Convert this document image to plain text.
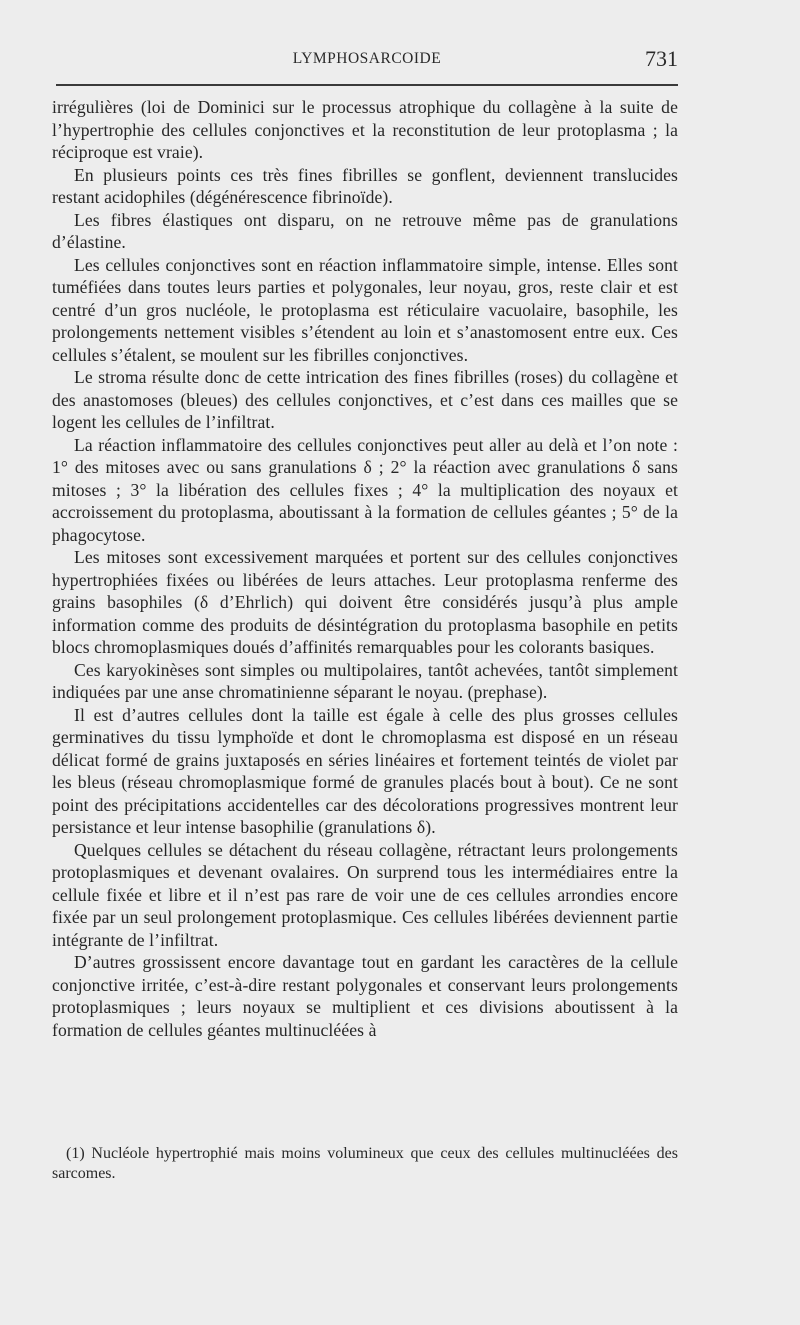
LYMPHOSARCOIDE	731

irrégulières (loi de Dominici sur le processus atrophique du collagène à la suite de l’hypertrophie des cellules conjonctives et la reconstitution de leur protoplasma ; la réciproque est vraie).

En plusieurs points ces très fines fibrilles se gonflent, deviennent translucides restant acidophiles (dégénérescence fibrinoïde).

Les fibres élastiques ont disparu, on ne retrouve même pas de granulations d’élastine.

Les cellules conjonctives sont en réaction inflammatoire simple, intense. Elles sont tuméfiées dans toutes leurs parties et polygonales, leur noyau, gros, reste clair et est centré d’un gros nucléole, le protoplasma est réticulaire vacuolaire, basophile, les prolongements nettement visibles s’étendent au loin et s’anastomosent entre eux. Ces cellules s’étalent, se moulent sur les fibrilles conjonctives.

Le stroma résulte donc de cette intrication des fines fibrilles (roses) du collagène et des anastomoses (bleues) des cellules conjonctives, et c’est dans ces mailles que se logent les cellules de l’infiltrat.

La réaction inflammatoire des cellules conjonctives peut aller au delà et l’on note : 1° des mitoses avec ou sans granulations δ ; 2° la réaction avec granulations δ sans mitoses ; 3° la libération des cellules fixes ; 4° la multiplication des noyaux et accroissement du protoplasma, aboutissant à la formation de cellules géantes ; 5° de la phagocytose.

Les mitoses sont excessivement marquées et portent sur des cellules conjonctives hypertrophiées fixées ou libérées de leurs attaches. Leur protoplasma renferme des grains basophiles (δ d’Ehrlich) qui doivent être considérés jusqu’à plus ample information comme des produits de désintégration du protoplasma basophile en petits blocs chromoplasmiques doués d’affinités remarquables pour les colorants basiques.

Ces karyokinèses sont simples ou multipolaires, tantôt achevées, tantôt simplement indiquées par une anse chromatinienne séparant le noyau. (prephase).

Il est d’autres cellules dont la taille est égale à celle des plus grosses cellules germinatives du tissu lymphoïde et dont le chromoplasma est disposé en un réseau délicat formé de grains juxtaposés en séries linéaires et fortement teintés de violet par les bleus (réseau chromoplasmique formé de granules placés bout à bout). Ce ne sont point des précipitations accidentelles car des décolorations progressives montrent leur persistance et leur intense basophilie (granulations δ).

Quelques cellules se détachent du réseau collagène, rétractant leurs prolongements protoplasmiques et devenant ovalaires. On surprend tous les intermédiaires entre la cellule fixée et libre et il n’est pas rare de voir une de ces cellules arrondies encore fixée par un seul prolongement protoplasmique. Ces cellules libérées deviennent partie intégrante de l’infiltrat.

D’autres grossissent encore davantage tout en gardant les caractères de la cellule conjonctive irritée, c’est-à-dire restant polygonales et conservant leurs prolongements protoplasmiques ; leurs noyaux se multiplient et ces divisions aboutissent à la formation de cellules géantes multinucléées à

(1) Nucléole hypertrophié mais moins volumineux que ceux des cellules multinucléées des sarcomes.
